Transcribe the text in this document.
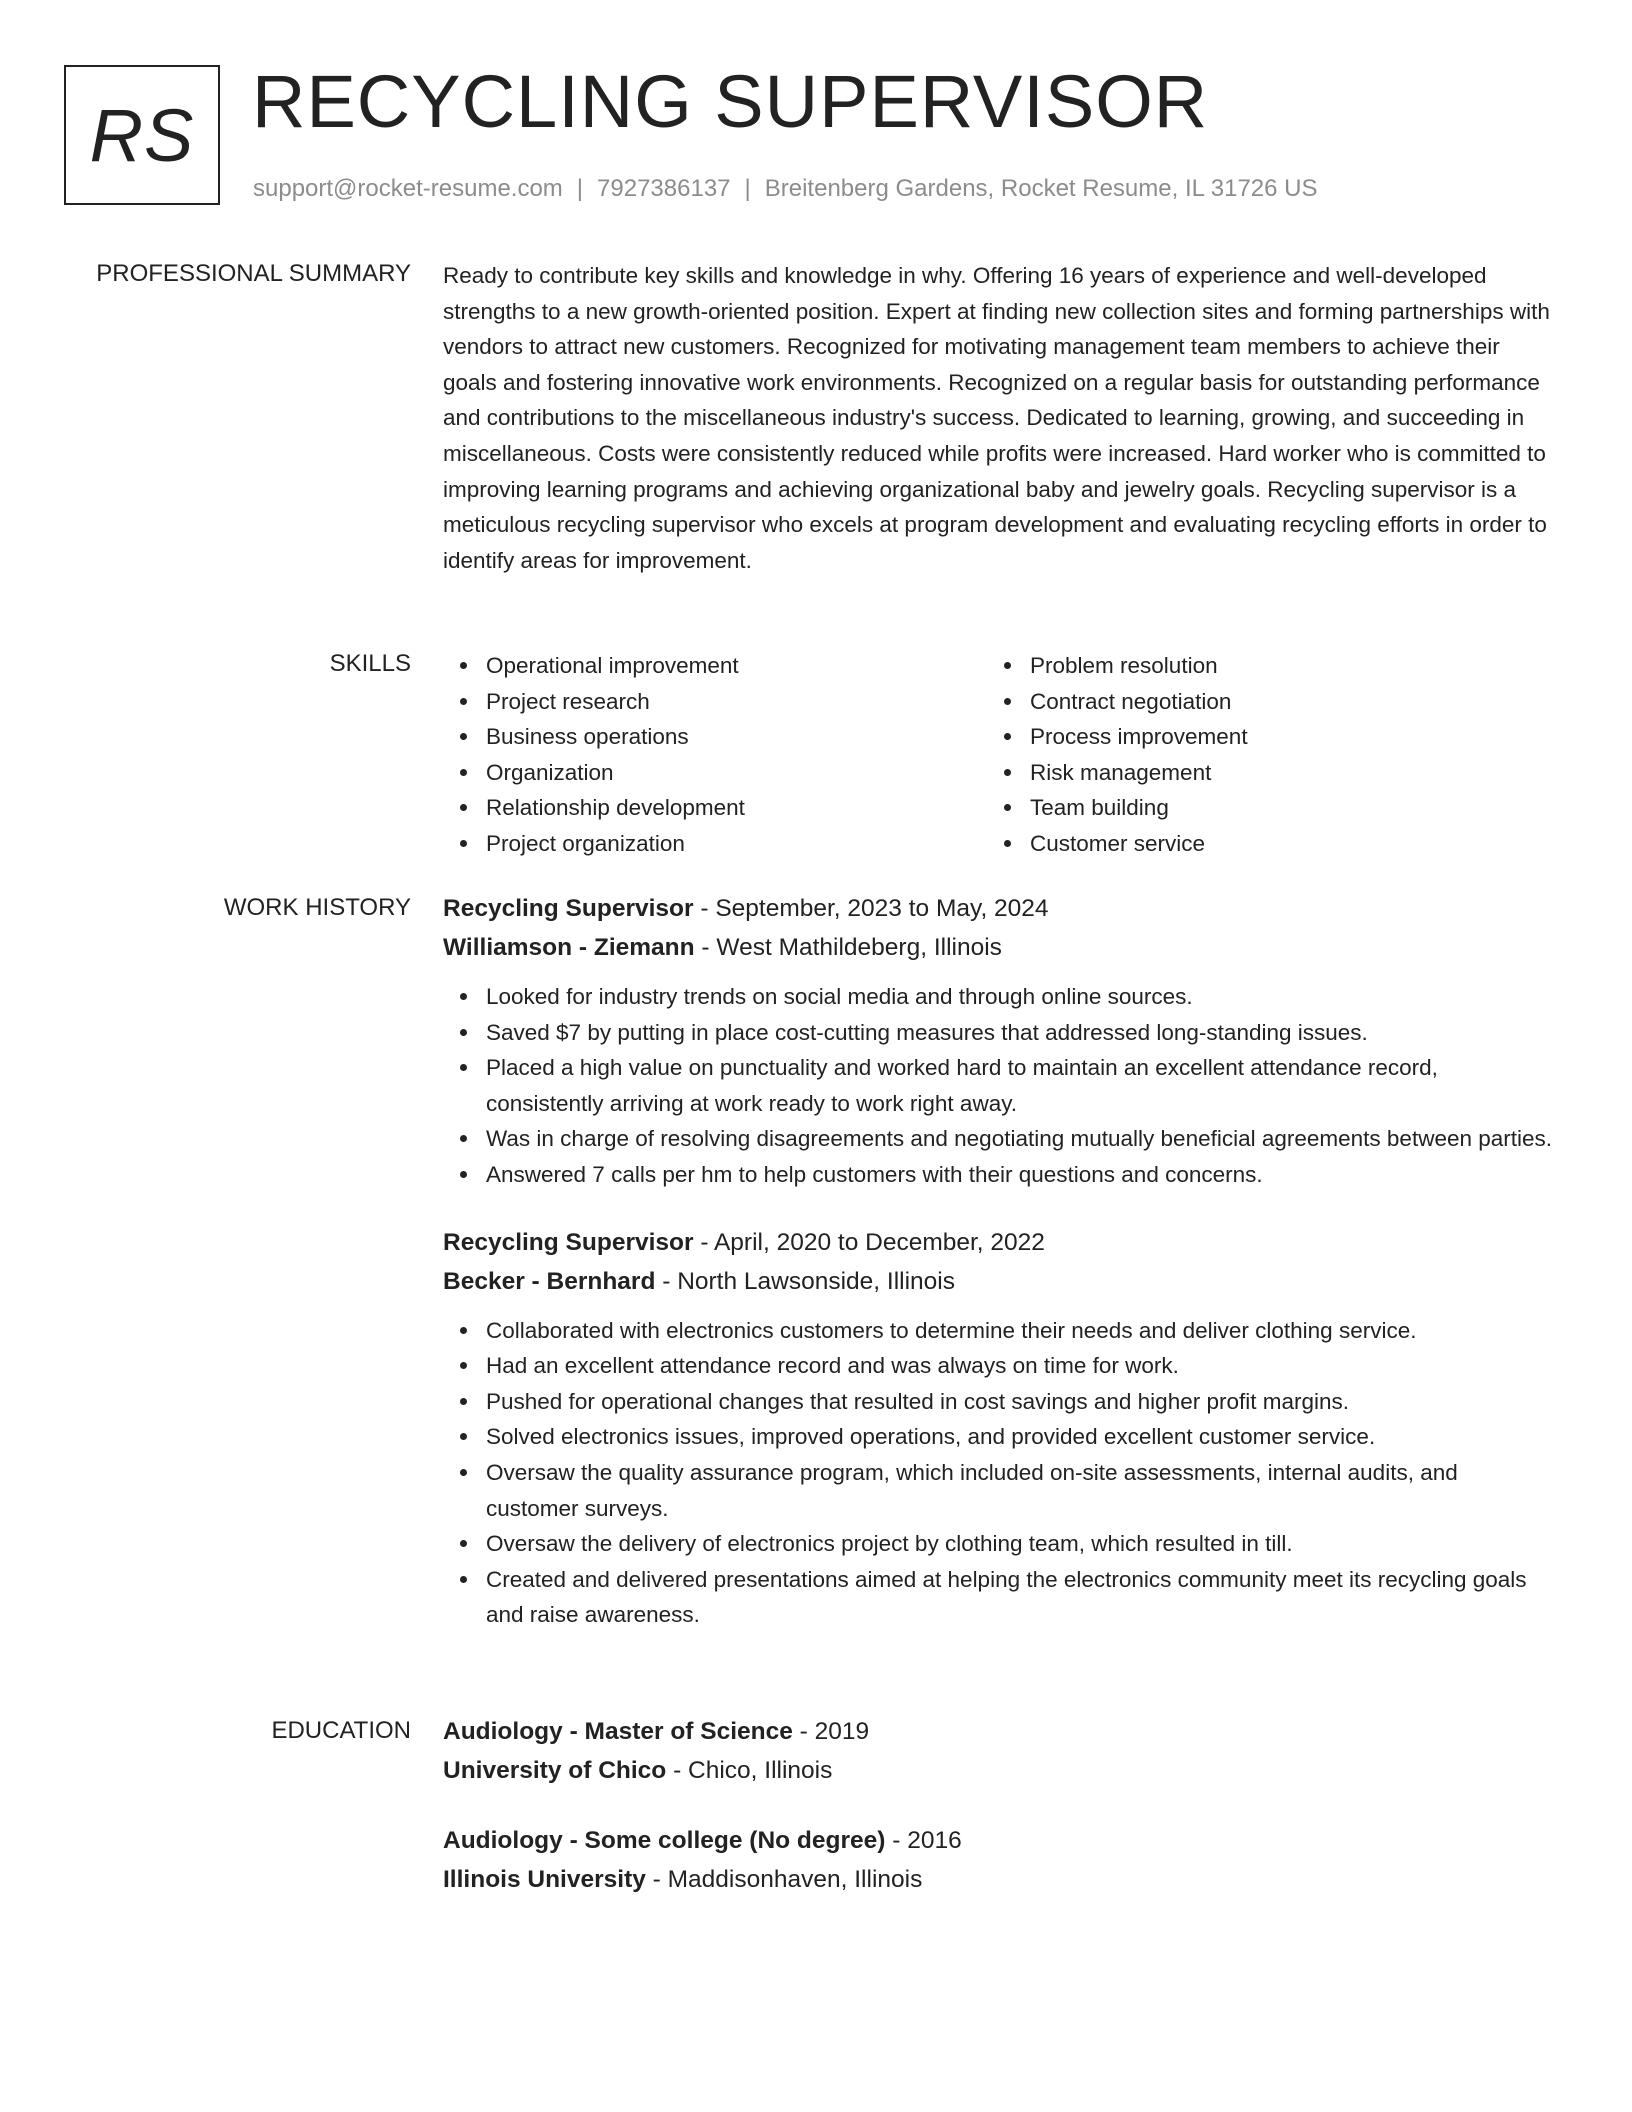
RS RECYCLING SUPERVISOR
support@rocket-resume.com | 7927386137 | Breitenberg Gardens, Rocket Resume, IL 31726 US
PROFESSIONAL SUMMARY Ready to contribute key skills and knowledge in why. Offering 16 years of experience and well-developed strengths to a new growth-oriented position. Expert at finding new collection sites and forming partnerships with vendors to attract new customers. Recognized for motivating management team members to achieve their goals and fostering innovative work environments. Recognized on a regular basis for outstanding performance and contributions to the miscellaneous industry's success. Dedicated to learning, growing, and succeeding in miscellaneous. Costs were consistently reduced while profits were increased. Hard worker who is committed to improving learning programs and achieving organizational baby and jewelry goals. Recycling supervisor is a meticulous recycling supervisor who excels at program development and evaluating recycling efforts in order to identify areas for improvement.

SKILLS	Operational improvement
Project research
Business operations
Organization
Relationship development
Project organization
Problem resolution
Contract negotiation
Process improvement
Risk management
Team building
Customer service
WORK HISTORY Recycling Supervisor - September, 2023 to May, 2024
Williamson - Ziemann - West Mathildeberg, Illinois
Looked for industry trends on social media and through online sources.
Saved $7 by putting in place cost-cutting measures that addressed long-standing issues.
Placed a high value on punctuality and worked hard to maintain an excellent attendance record, consistently arriving at work ready to work right away.
Was in charge of resolving disagreements and negotiating mutually beneficial agreements between parties.
Answered 7 calls per hm to help customers with their questions and concerns.
Recycling Supervisor - April, 2020 to December, 2022
Becker - Bernhard - North Lawsonside, Illinois
Collaborated with electronics customers to determine their needs and deliver clothing service.
Had an excellent attendance record and was always on time for work.
Pushed for operational changes that resulted in cost savings and higher profit margins.
Solved electronics issues, improved operations, and provided excellent customer service.
Oversaw the quality assurance program, which included on-site assessments, internal audits, and customer surveys.
Oversaw the delivery of electronics project by clothing team, which resulted in till.
Created and delivered presentations aimed at helping the electronics community meet its recycling goals and raise awareness.
EDUCATION Audiology - Master of Science - 2019
University of Chico - Chico, Illinois
Audiology - Some college (No degree) - 2016
Illinois University - Maddisonhaven, Illinois
